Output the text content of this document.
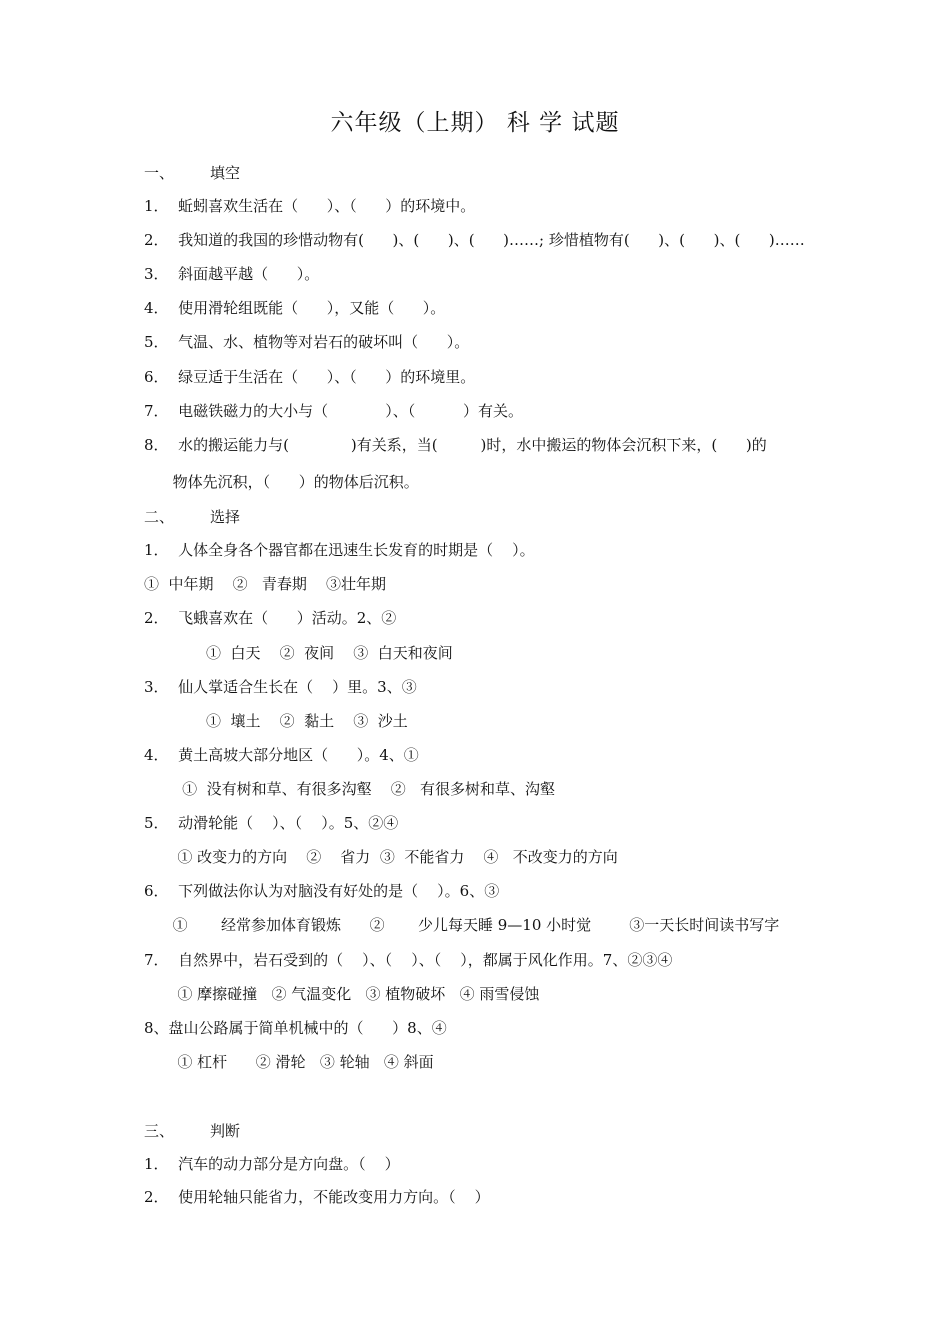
六年级（上期） 科 学 试题

一、 填空

1．  蚯蚓喜欢生活在（      ）、（      ）的环境中。

2．  我知道的我国的珍惜动物有(      )、(      )、(      )……; 珍惜植物有(      )、(      )、(      )……

3．  斜面越平越（      ）。

4．  使用滑轮组既能（      ），又能（      ）。

5．  气温、水、植物等对岩石的破坏叫（      ）。

6．  绿豆适于生活在（      ）、（      ）的环境里。

7．  电磁铁磁力的大小与（            ）、（          ）有关。

8．  水的搬运能力与(             )有关系，当(         )时，水中搬运的物体会沉积下来，(      )的

物体先沉积，（      ）的物体后沉积。

二、 选择

1．  人体全身各个器官都在迅速生长发育的时期是（    ）。

①  中年期    ②   青春期    ③壮年期

2．  飞蛾喜欢在（      ）活动。2、②

①  白天    ②  夜间    ③  白天和夜间

3．  仙人掌适合生长在（    ）里。3、③

①  壤土    ②  黏土    ③  沙土

4．  黄土高坡大部分地区（      ）。4、①

①  没有树和草、有很多沟壑    ②   有很多树和草、沟壑

5．  动滑轮能（    ）、（    ）。5、②④

① 改变力的方向    ②    省力  ③  不能省力    ④   不改变力的方向

6．  下列做法你认为对脑没有好处的是（    ）。6、③

①       经常参加体育锻炼      ②       少儿每天睡 9—10 小时觉        ③一天长时间读书写字

7．  自然界中，岩石受到的（    ）、（    ）、（    ），都属于风化作用。7、②③④

① 摩擦碰撞   ② 气温变化   ③ 植物破坏   ④ 雨雪侵蚀

8、盘山公路属于简单机械中的（      ）8、④

① 杠杆      ② 滑轮   ③ 轮轴   ④ 斜面

三、 判断

1．  汽车的动力部分是方向盘。（    ）

2．  使用轮轴只能省力，不能改变用力方向。（    ）
